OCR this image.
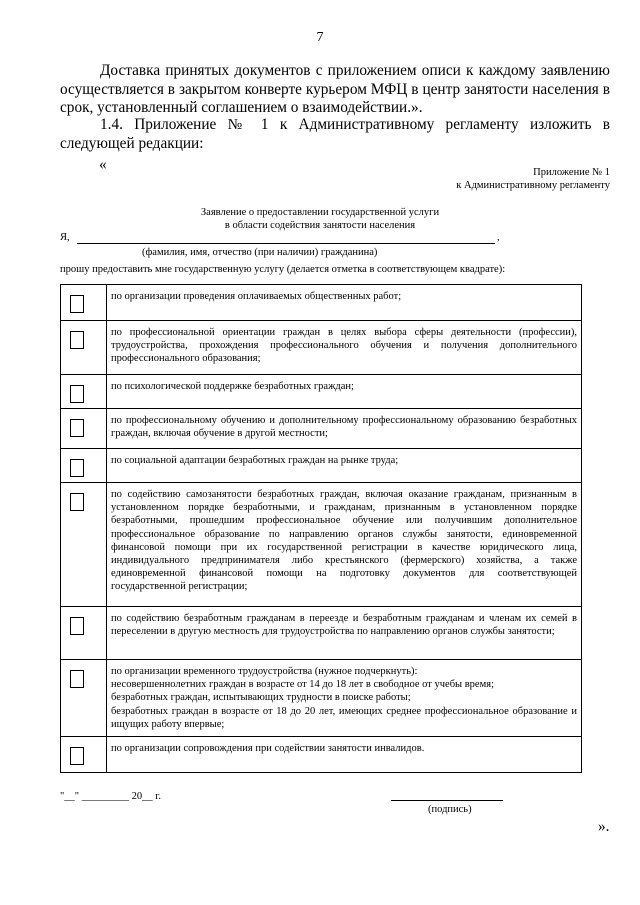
7
Доставка принятых документов с приложением описи к каждому заявлению осуществляется в закрытом конверте курьером МФЦ в центр занятости населения в срок, установленный соглашением о взаимодействии.».
1.4. Приложение № 1 к Административному регламенту изложить в следующей редакции:
«	Приложение № 1
к Административному регламенту
Заявление о предоставлении государственной услуги
в области содействия занятости населения
Я,	,
(фамилия, имя, отчество (при наличии) гражданина)
прошу предоставить мне государственную услугу (делается отметка в соответствующем квадрате):
	по организации проведения оплачиваемых общественных работ;

	по профессиональной ориентации граждан в целях выбора сферы деятельности (профессии), трудоустройства, прохождения профессионального обучения и получения дополнительного профессионального образования;

	по психологической поддержке безработных граждан;

	по профессиональному обучению и дополнительному профессиональному образованию безработных граждан, включая обучение в другой местности;

	по социальной адаптации безработных граждан на рынке труда;

	по содействию самозанятости безработных граждан, включая оказание гражданам, признанным в установленном порядке безработными, и гражданам, признанным в установленном порядке безработными, прошедшим профессиональное обучение или получившим дополнительное профессиональное образование по направлению органов службы занятости, единовременной финансовой помощи при их государственной регистрации в качестве юридического лица, индивидуального предпринимателя либо крестьянского (фермерского) хозяйства, а также единовременной финансовой помощи на подготовку документов для соответствующей государственной регистрации;

	по содействию безработным гражданам в переезде и безработным гражданам и членам их семей в переселении в другую местность для трудоустройства по направлению органов службы занятости;

	по организации временного трудоустройства (нужное подчеркнуть):
несовершеннолетних граждан в возрасте от 14 до 18 лет в свободное от учебы время;
безработных граждан, испытывающих трудности в поиске работы;
безработных граждан в возрасте от 18 до 20 лет, имеющих среднее профессиональное образование и ищущих работу впервые;

	по организации сопровождения при содействии занятости инвалидов.
"__" _________ 20__ г.
(подпись)
».
